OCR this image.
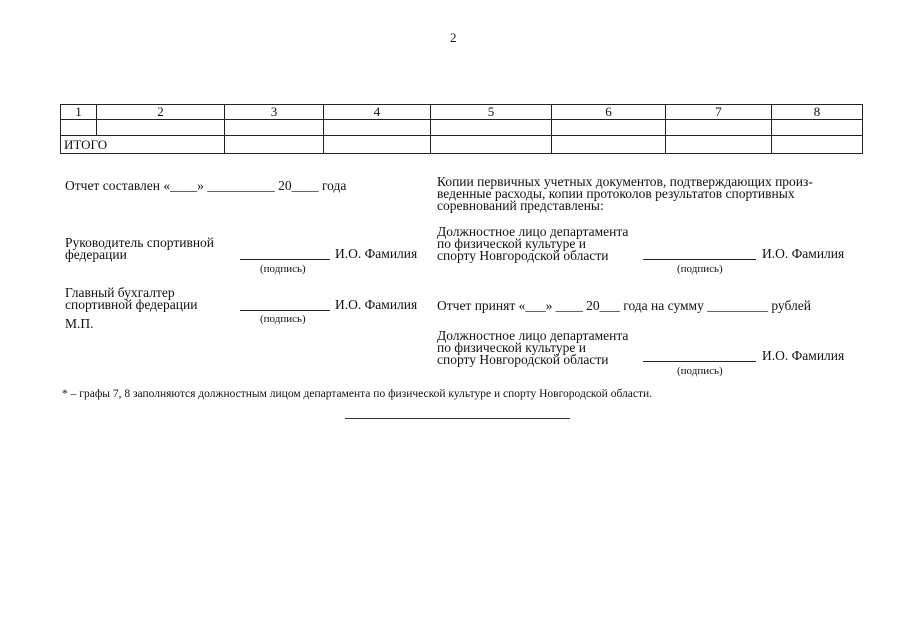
2
1	2	3	4	5	6	7	8

ИТОГО							
Отчет составлен «____» __________ 20____ года
Руководитель спортивной
федерации	И.О. Фамилия
(подпись)
Главный бухгалтер
спортивной федерации	И.О. Фамилия
(подпись)
М.П.
Копии первичных учетных документов, подтверждающих произ-
веденные расходы, копии протоколов результатов спортивных
соревнований представлены:
Должностное лицо департамента
по физической культуре и
спорту Новгородской области	И.О. Фамилия
(подпись)
Отчет принят «___» ____ 20___ года на сумму _________ рублей
Должностное лицо департамента
по физической культуре и
спорту Новгородской области	И.О. Фамилия
(подпись)
* – графы 7, 8 заполняются должностным лицом департамента по физической культуре и спорту Новгородской области.
